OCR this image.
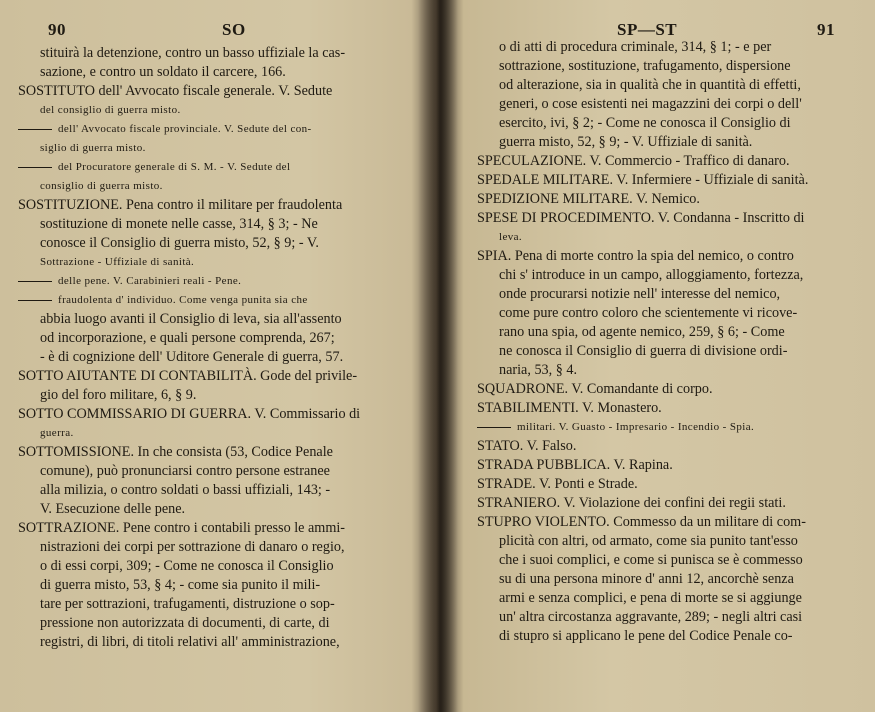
90	SO
stituirà la detenzione, contro un basso uffiziale la cas-
sazione, e contro un soldato il carcere, 166.
SOSTITUTO dell' Avvocato fiscale generale. V. Sedute
del consiglio di guerra misto.
dell' Avvocato fiscale provinciale. V. Sedute del con-
siglio di guerra misto.
del Procuratore generale di S. M. - V. Sedute del
consiglio di guerra misto.
SOSTITUZIONE. Pena contro il militare per fraudolenta
sostituzione di monete nelle casse, 314, § 3; - Ne
conosce il Consiglio di guerra misto, 52, § 9; - V.
Sottrazione - Uffiziale di sanità.
delle pene. V. Carabinieri reali - Pene.
fraudolenta d' individuo. Come venga punita sia che
abbia luogo avanti il Consiglio di leva, sia all'assento
od incorporazione, e quali persone comprenda, 267;
- è di cognizione dell' Uditore Generale di guerra, 57.
SOTTO AIUTANTE DI CONTABILITÀ. Gode del privile-
gio del foro militare, 6, § 9.
SOTTO COMMISSARIO DI GUERRA. V. Commissario di
guerra.
SOTTOMISSIONE. In che consista (53, Codice Penale
comune), può pronunciarsi contro persone estranee
alla milizia, o contro soldati o bassi uffiziali, 143; -
V. Esecuzione delle pene.
SOTTRAZIONE. Pene contro i contabili presso le ammi-
nistrazioni dei corpi per sottrazione di danaro o regio,
o di essi corpi, 309; - Come ne conosca il Consiglio
di guerra misto, 53, § 4; - come sia punito il mili-
tare per sottrazioni, trafugamenti, distruzione o sop-
pressione non autorizzata di documenti, di carte, di
registri, di libri, di titoli relativi all' amministrazione,
SP—ST	91
o di atti di procedura criminale, 314, § 1; - e per
sottrazione, sostituzione, trafugamento, dispersione
od alterazione, sia in qualità che in quantità di effetti,
generi, o cose esistenti nei magazzini dei corpi o dell'
esercito, ivi, § 2; - Come ne conosca il Consiglio di
guerra misto, 52, § 9; - V. Uffiziale di sanità.
SPECULAZIONE. V. Commercio - Traffico di danaro.
SPEDALE MILITARE. V. Infermiere - Uffiziale di sanità.
SPEDIZIONE MILITARE. V. Nemico.
SPESE DI PROCEDIMENTO. V. Condanna - Inscritto di
leva.
SPIA. Pena di morte contro la spia del nemico, o contro
chi s' introduce in un campo, alloggiamento, fortezza,
onde procurarsi notizie nell' interesse del nemico,
come pure contro coloro che scientemente vi ricove-
rano una spia, od agente nemico, 259, § 6; - Come
ne conosca il Consiglio di guerra di divisione ordi-
naria, 53, § 4.
SQUADRONE. V. Comandante di corpo.
STABILIMENTI. V. Monastero.
militari. V. Guasto - Impresario - Incendio - Spia.
STATO. V. Falso.
STRADA PUBBLICA. V. Rapina.
STRADE. V. Ponti e Strade.
STRANIERO. V. Violazione dei confini dei regii stati.
STUPRO VIOLENTO. Commesso da un militare di com-
plicità con altri, od armato, come sia punito tant'esso
che i suoi complici, e come si punisca se è commesso
su di una persona minore d' anni 12, ancorchè senza
armi e senza complici, e pena di morte se si aggiunge
un' altra circostanza aggravante, 289; - negli altri casi
di stupro si applicano le pene del Codice Penale co-
